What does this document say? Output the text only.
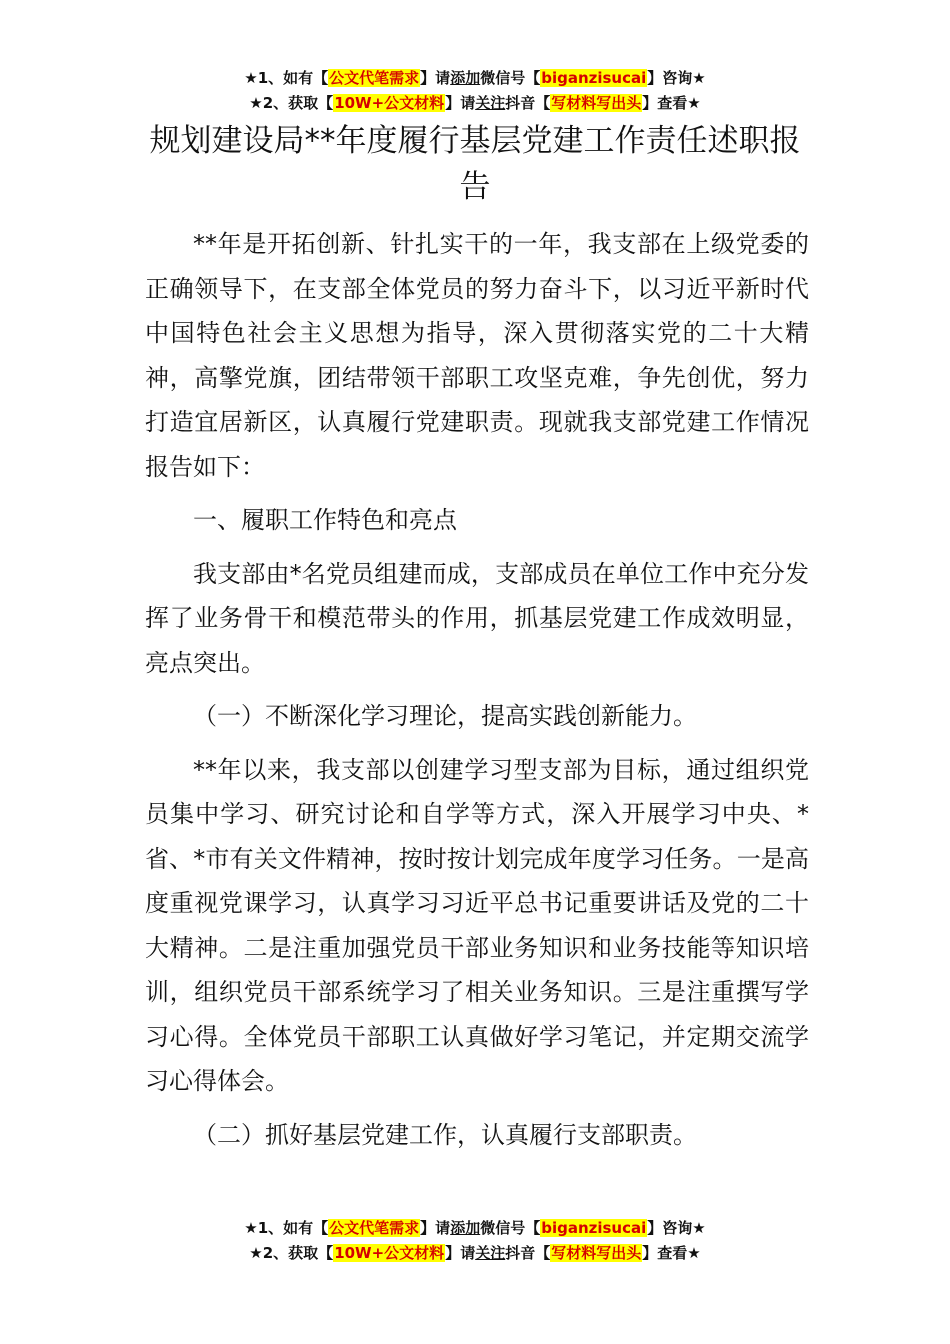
★1、如有【公文代笔需求】请添加微信号【biganzisucai】咨询★
★2、获取【10W+公文材料】请关注抖音【写材料写出头】查看★
规划建设局**年度履行基层党建工作责任述职报告

**年是开拓创新、针扎实干的一年，我支部在上级党委的正确领导下，在支部全体党员的努力奋斗下，以习近平新时代中国特色社会主义思想为指导，深入贯彻落实党的二十大精神，高擎党旗，团结带领干部职工攻坚克难，争先创优，努力打造宜居新区，认真履行党建职责。现就我支部党建工作情况报告如下：

一、履职工作特色和亮点

我支部由*名党员组建而成，支部成员在单位工作中充分发挥了业务骨干和模范带头的作用，抓基层党建工作成效明显，亮点突出。

（一）不断深化学习理论，提高实践创新能力。

**年以来，我支部以创建学习型支部为目标，通过组织党员集中学习、研究讨论和自学等方式，深入开展学习中央、*省、*市有关文件精神，按时按计划完成年度学习任务。一是高度重视党课学习，认真学习习近平总书记重要讲话及党的二十大精神。二是注重加强党员干部业务知识和业务技能等知识培训，组织党员干部系统学习了相关业务知识。三是注重撰写学习心得。全体党员干部职工认真做好学习笔记，并定期交流学习心得体会。

（二）抓好基层党建工作，认真履行支部职责。

★1、如有【公文代笔需求】请添加微信号【biganzisucai】咨询★
★2、获取【10W+公文材料】请关注抖音【写材料写出头】查看★
